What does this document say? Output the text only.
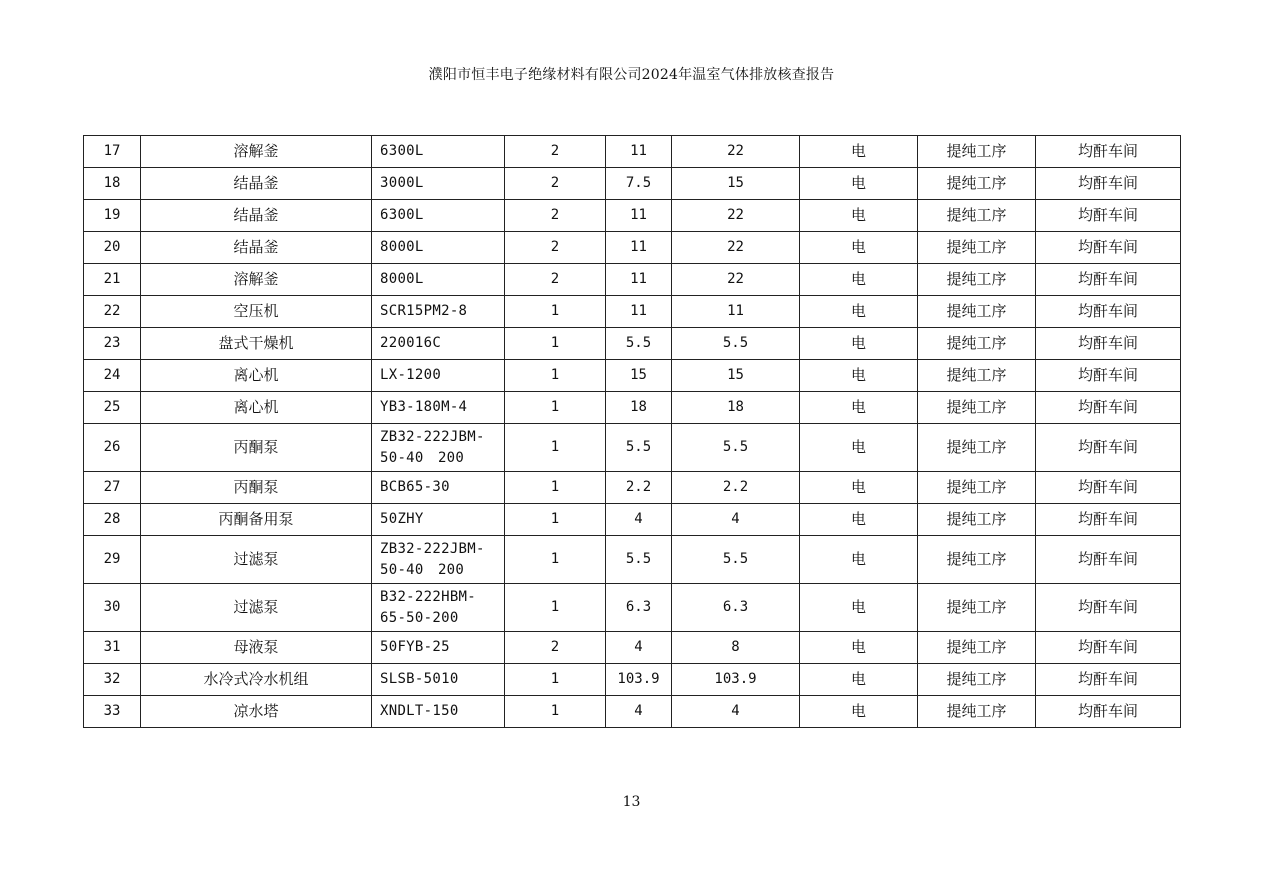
濮阳市恒丰电子绝缘材料有限公司2024年温室气体排放核查报告
17	溶解釜	6300L	2	11	22	电	提纯工序	均酐车间
18	结晶釜	3000L	2	7.5	15	电	提纯工序	均酐车间
19	结晶釜	6300L	2	11	22	电	提纯工序	均酐车间
20	结晶釜	8000L	2	11	22	电	提纯工序	均酐车间
21	溶解釜	8000L	2	11	22	电	提纯工序	均酐车间
22	空压机	SCR15PM2-8	1	11	11	电	提纯工序	均酐车间
23	盘式干燥机	220016C	1	5.5	5.5	电	提纯工序	均酐车间
24	离心机	LX-1200	1	15	15	电	提纯工序	均酐车间
25	离心机	YB3-180M-4	1	18	18	电	提纯工序	均酐车间
26	丙酮泵	ZB32-222JBM-50-40　200	1	5.5	5.5	电	提纯工序	均酐车间
27	丙酮泵	BCB65-30	1	2.2	2.2	电	提纯工序	均酐车间
28	丙酮备用泵	50ZHY	1	4	4	电	提纯工序	均酐车间
29	过滤泵	ZB32-222JBM-50-40　200	1	5.5	5.5	电	提纯工序	均酐车间
30	过滤泵	B32-222HBM-65-50-200	1	6.3	6.3	电	提纯工序	均酐车间
31	母液泵	50FYB-25	2	4	8	电	提纯工序	均酐车间
32	水冷式冷水机组	SLSB-5010	1	103.9	103.9	电	提纯工序	均酐车间
33	凉水塔	XNDLT-150	1	4	4	电	提纯工序	均酐车间
13
